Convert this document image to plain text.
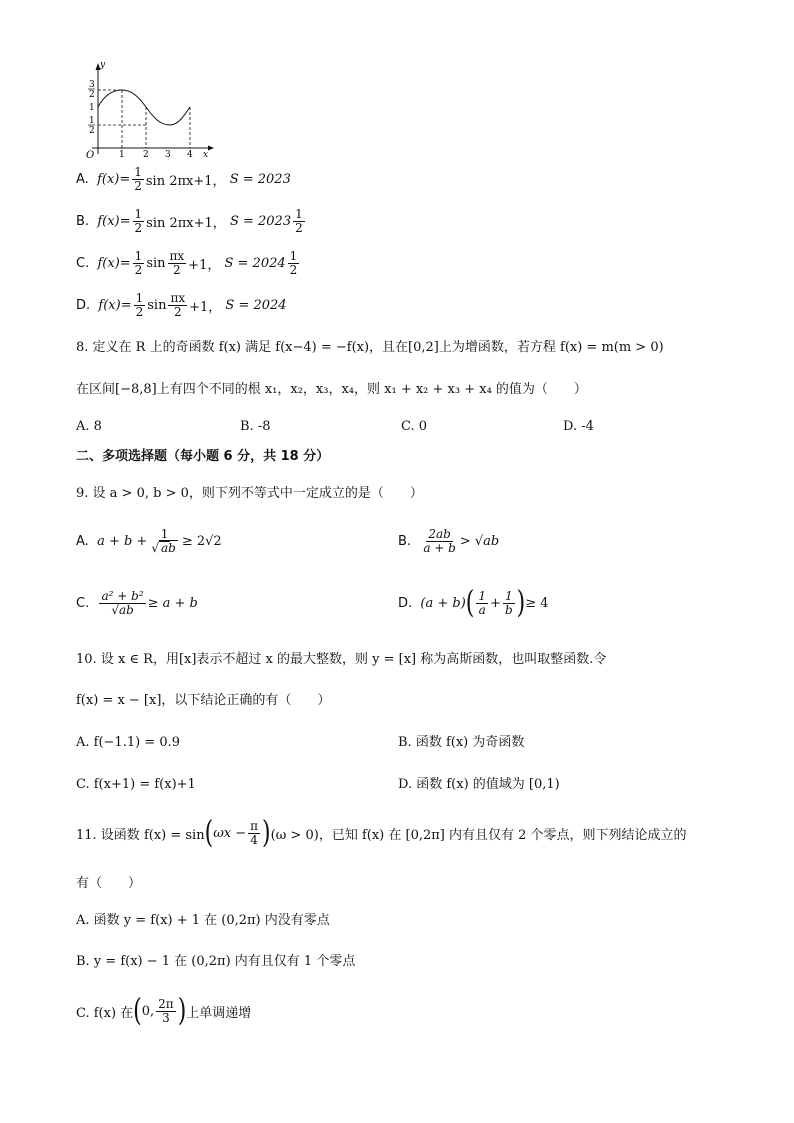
y
x
O
3
2
1
1
2
1 2 3 4
A.
$f(x)= \frac{1}{2}$ sin 2πx+1，
S = 2023
B.
$f(x)= \frac{1}{2}$ sin 2πx+1，
$S = 2023 \frac{1}{2}$
C.
$f(x)= \frac{1}{2}$ $\sin \frac{\pi x}{2} +1$，
$S = 2024 \frac{1}{2}$
D.
$f(x)= \frac{1}{2}$ $\sin \frac{\pi x}{2} +1$，
S = 2024
8. 定义在 R 上的奇函数 f(x) 满足 f(x−4) = −f(x)，且在[0,2]上为增函数，若方程 f(x) = m(m > 0)
在区间[−8,8]上有四个不同的根 x₁，x₂，x₃，x₄，则 x₁ + x₂ + x₃ + x₄ 的值为（　　）
A. 8	B. -8	C. 0	D. -4
二、多项选择题（每小题 6 分，共 18 分）
9. 设 a > 0, b > 0，则下列不等式中一定成立的是（　　）
A.
$a + b + \frac{1}{√ ab} \ge 2√2$	B.
$\frac{2ab}{a + b} > √ab$
C.
$\frac{\text{a² + b²}}{√ab} \ge a + b$	D.
(a + b) ( $\frac{1}{a} + \frac{1}{b}$ ) ≥ 4
10. 设 x ∈ R，用[x]表示不超过 x 的最大整数，则 y = [x] 称为高斯函数，也叫取整函数.令
f(x) = x − [x]，以下结论正确的有（　　）
A. f(−1.1) = 0.9	B. 函数 f(x) 为奇函数
C. f(x+1) = f(x)+1	D. 函数 f(x) 的值域为 [0,1)
11. 设函数 f(x) = sin ( $\omega x - \frac{\pi}{4}$ ) (ω > 0)，已知 f(x) 在 [0,2π] 内有且仅有 2 个零点，则下列结论成立的
有（　　）
A. 函数 y = f(x) + 1 在 (0,2π) 内没有零点
B. y = f(x) − 1 在 (0,2π) 内有且仅有 1 个零点
C. f(x) 在 ( 0, $\frac{2\pi}{3}$ ) 上单调递增
